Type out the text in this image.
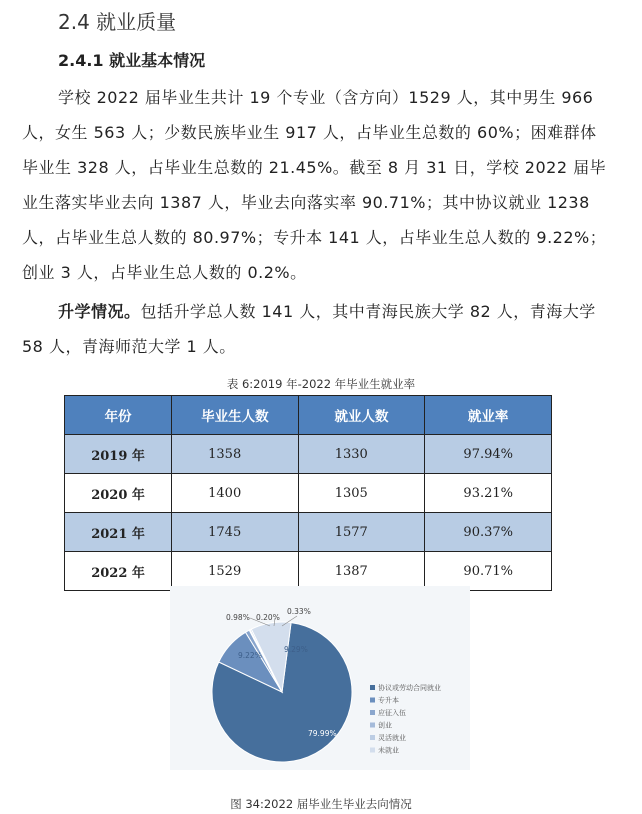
2.4 就业质量
2.4.1 就业基本情况

学校 2022 届毕业生共计 19 个专业（含方向）1529 人，其中男生 966 人，女生 563 人；少数民族毕业生 917 人，占毕业生总数的 60%；困难群体毕业生 328 人，占毕业生总数的 21.45%。截至 8 月 31 日，学校 2022 届毕业生落实毕业去向 1387 人，毕业去向落实率 90.71%；其中协议就业 1238 人，占毕业生总人数的 80.97%；专升本 141 人，占毕业生总人数的 9.22%；创业 3 人，占毕业生总人数的 0.2%。

升学情况。包括升学总人数 141 人，其中青海民族大学 82 人，青海大学 58 人，青海师范大学 1 人。

表 6:2019 年-2022 年毕业生就业率
年份	毕业生人数	就业人数	就业率
2019 年	1358	1330	97.94%
2020 年	1400	1305	93.21%
2021 年	1745	1577	90.37%
2022 年	1529	1387	90.71%
79.99%
9.22%
0.98% 0.20%
0.33%
9.29%
协议或劳动合同就业
专升本
应征入伍
创业
灵活就业
未就业
图 34:2022 届毕业生毕业去向情况
